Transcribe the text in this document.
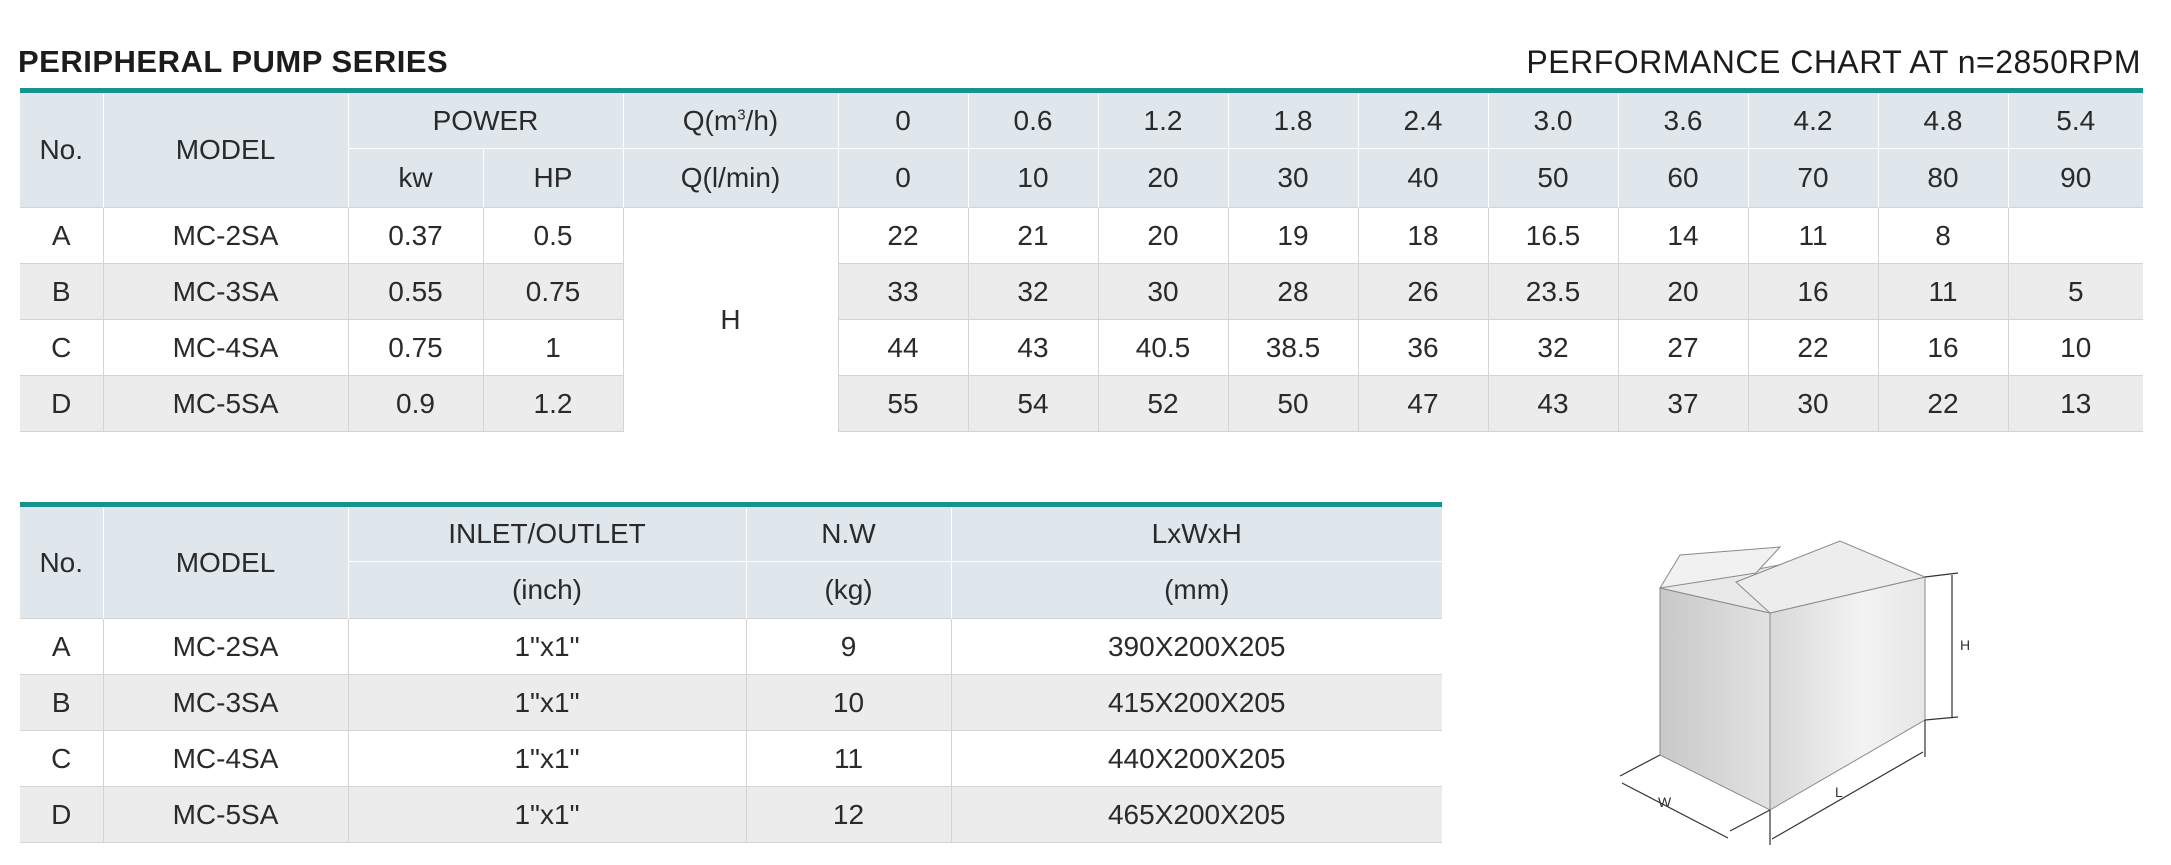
PERIPHERAL PUMP SERIES	PERFORMANCE CHART AT n=2850RPM
No.	MODEL	POWER		$Q(m^3/h)$	0	0.6	1.2	1.8	2.4	3.0	3.6	4.2	4.8	5.4
		kw	HP	Q(l/min)	0	10	20	30	40	50	60	70	80	90
A	MC-2SA	0.37	0.5	H	22	21	20	19	18	16.5	14	11	8	
B	MC-3SA	0.55	0.75		33	32	30	28	26	23.5	20	16	11	5
C	MC-4SA	0.75	1		44	43	40.5	38.5	36	32	27	22	16	10
D	MC-5SA	0.9	1.2		55	54	52	50	47	43	37	30	22	13
No.	MODEL	INLET/OUTLET	N.W	LxWxH
		(inch)	(kg)	(mm)
A	MC-2SA	1"x1"	9	390X200X205
B	MC-3SA	1"x1"	10	415X200X205
C	MC-4SA	1"x1"	11	440X200X205
D	MC-5SA	1"x1"	12	465X200X205
H
W
L
